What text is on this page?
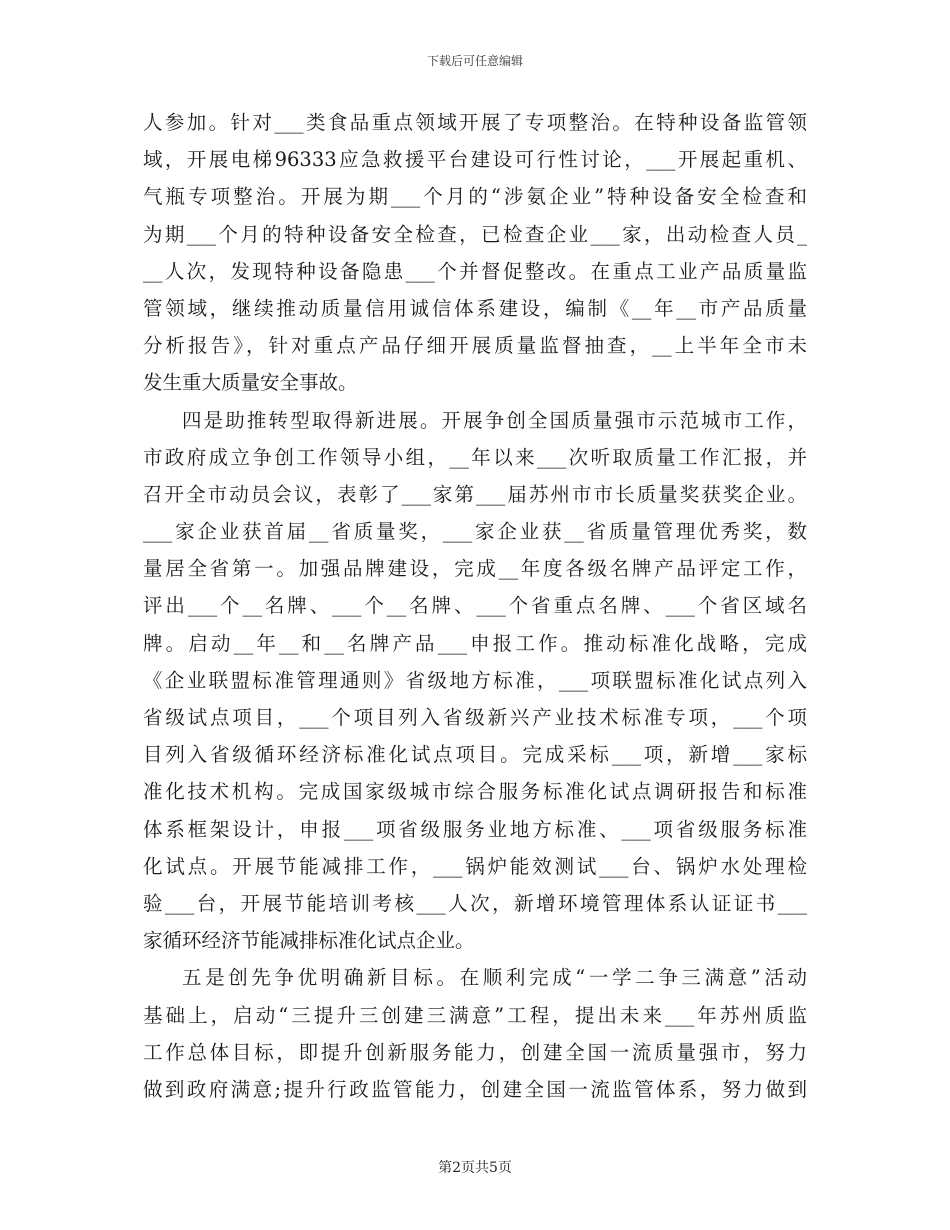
下载后可任意编辑
人参加。针对___类食品重点领域开展了专项整治。在特种设备监管领
域，开展电梯96333应急救援平台建设可行性讨论，___开展起重机、
气瓶专项整治。开展为期___个月的“涉氨企业”特种设备安全检查和
为期___个月的特种设备安全检查，已检查企业___家，出动检查人员_
__人次，发现特种设备隐患___个并督促整改。在重点工业产品质量监
管领域，继续推动质量信用诚信体系建设，编制《__年__市产品质量
分析报告》，针对重点产品仔细开展质量监督抽查，__上半年全市未
发生重大质量安全事故。
四是助推转型取得新进展。开展争创全国质量强市示范城市工作，
市政府成立争创工作领导小组，__年以来___次听取质量工作汇报，并
召开全市动员会议，表彰了___家第___届苏州市市长质量奖获奖企业。
___家企业获首届__省质量奖，___家企业获__省质量管理优秀奖，数
量居全省第一。加强品牌建设，完成__年度各级名牌产品评定工作，
评出___个__名牌、___个__名牌、___个省重点名牌、___个省区域名
牌。启动__年__和__名牌产品___申报工作。推动标准化战略，完成
《企业联盟标准管理通则》省级地方标准，___项联盟标准化试点列入
省级试点项目，___个项目列入省级新兴产业技术标准专项，___个项
目列入省级循环经济标准化试点项目。完成采标___项，新增___家标
准化技术机构。完成国家级城市综合服务标准化试点调研报告和标准
体系框架设计，申报___项省级服务业地方标准、___项省级服务标准
化试点。开展节能减排工作，___锅炉能效测试___台、锅炉水处理检
验___台，开展节能培训考核___人次，新增环境管理体系认证证书___
家循环经济节能减排标准化试点企业。
五是创先争优明确新目标。在顺利完成“一学二争三满意”活动
基础上，启动“三提升三创建三满意”工程，提出未来___年苏州质监
工作总体目标，即提升创新服务能力，创建全国一流质量强市，努力
做到政府满意;提升行政监管能力，创建全国一流监管体系，努力做到
第2页共5页
